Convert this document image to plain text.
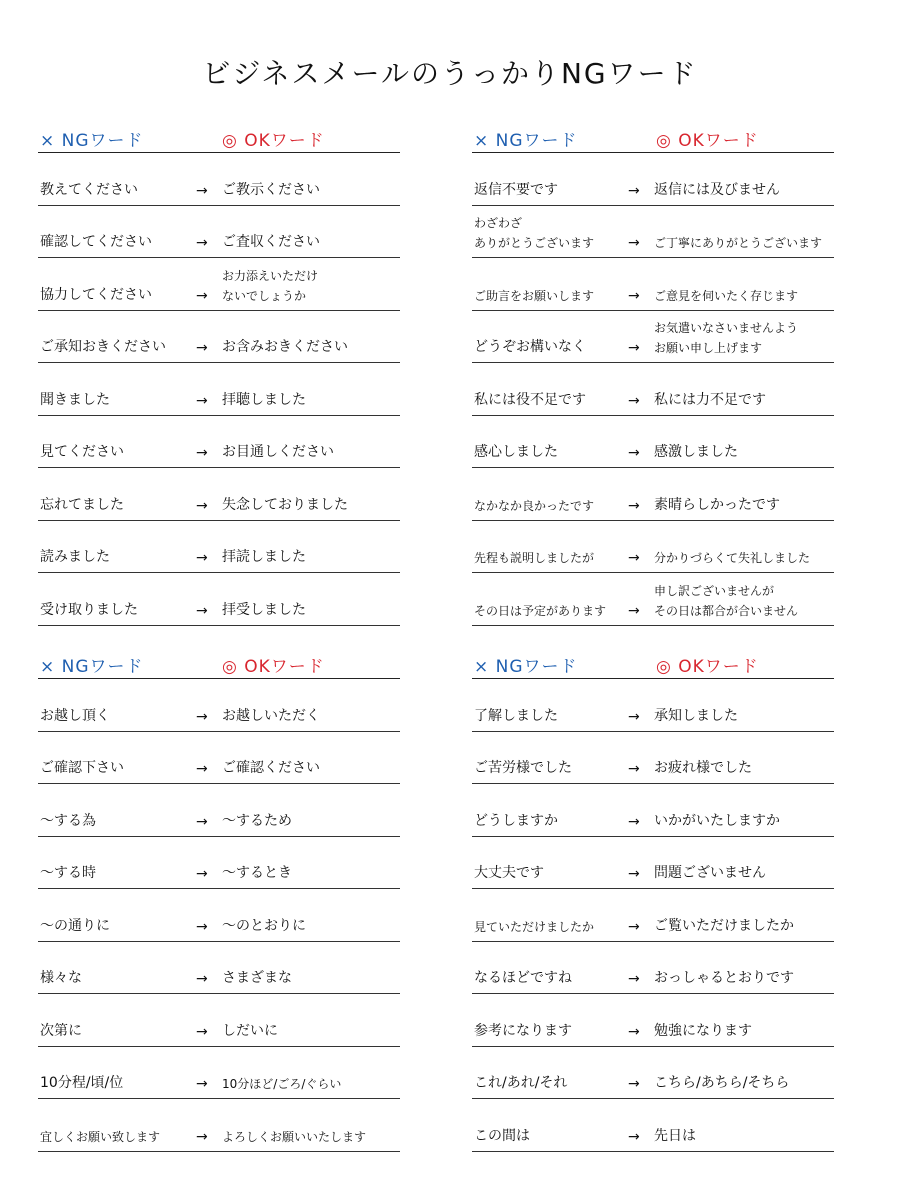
ビジネスメールのうっかりNGワード
× NGワード	◎ OKワード
教えてください	→ ご教示ください
確認してください	→ ご査収ください
協力してください	→
お力添えいただけ
ないでしょうか
ご承知おきください	→ お含みおきください
聞きました	→ 拝聴しました
見てください	→ お目通しください
忘れてました	→ 失念しておりました
読みました	→ 拝読しました
受け取りました	→ 拝受しました
× NGワード	◎ OKワード
返信不要です	→ 返信には及びません
わざわざ
ありがとうございます	→ ご丁寧にありがとうございます
ご助言をお願いします	→ ご意見を伺いたく存じます
どうぞお構いなく	→
お気遣いなさいませんよう
お願い申し上げます
私には役不足です	→ 私には力不足です
感心しました	→ 感激しました
なかなか良かったです	→ 素晴らしかったです
先程も説明しましたが	→ 分かりづらくて失礼しました
その日は予定があります	→
申し訳ございませんが
その日は都合が合いません
× NGワード	◎ OKワード
お越し頂く	→ お越しいただく
ご確認下さい	→ ご確認ください
～する為	→ ～するため
～する時	→ ～するとき
～の通りに	→ ～のとおりに
様々な	→ さまざまな
次第に	→ しだいに
10分程/頃/位	→ 10分ほど/ごろ/ぐらい
宜しくお願い致します	→ よろしくお願いいたします
× NGワード	◎ OKワード
了解しました	→ 承知しました
ご苦労様でした	→ お疲れ様でした
どうしますか	→ いかがいたしますか
大丈夫です	→ 問題ございません
見ていただけましたか	→ ご覧いただけましたか
なるほどですね	→ おっしゃるとおりです
参考になります	→ 勉強になります
これ/あれ/それ	→ こちら/あちら/そちら
この間は	→ 先日は
